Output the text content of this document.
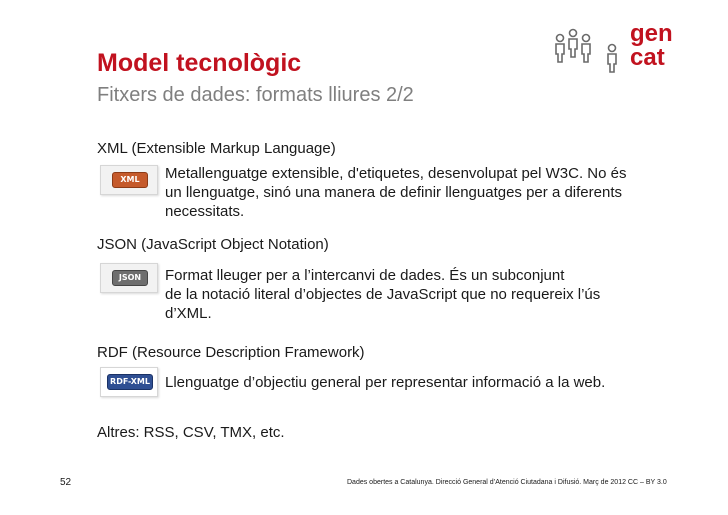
Model tecnològic
Fitxers de dades: formats lliures 2/2
gen
cat
XML (Extensible Markup Language)
XML	Metallenguatge extensible, d'etiquetes, desenvolupat pel W3C. No és
un llenguatge, sinó una manera de definir llenguatges per a diferents
necessitats.
JSON (JavaScript Object Notation)
JSON	Format lleuger per a l’intercanvi de dades. És un subconjunt
de la notació literal d’objectes de JavaScript que no requereix l’ús
d’XML.
RDF (Resource Description Framework)
RDF-XML Llenguatge d’objectiu general per representar informació a la web.
Altres: RSS, CSV, TMX, etc.
52	Dades obertes a Catalunya. Direcció General d’Atenció Ciutadana i Difusió. Març de 2012 CC – BY 3.0
